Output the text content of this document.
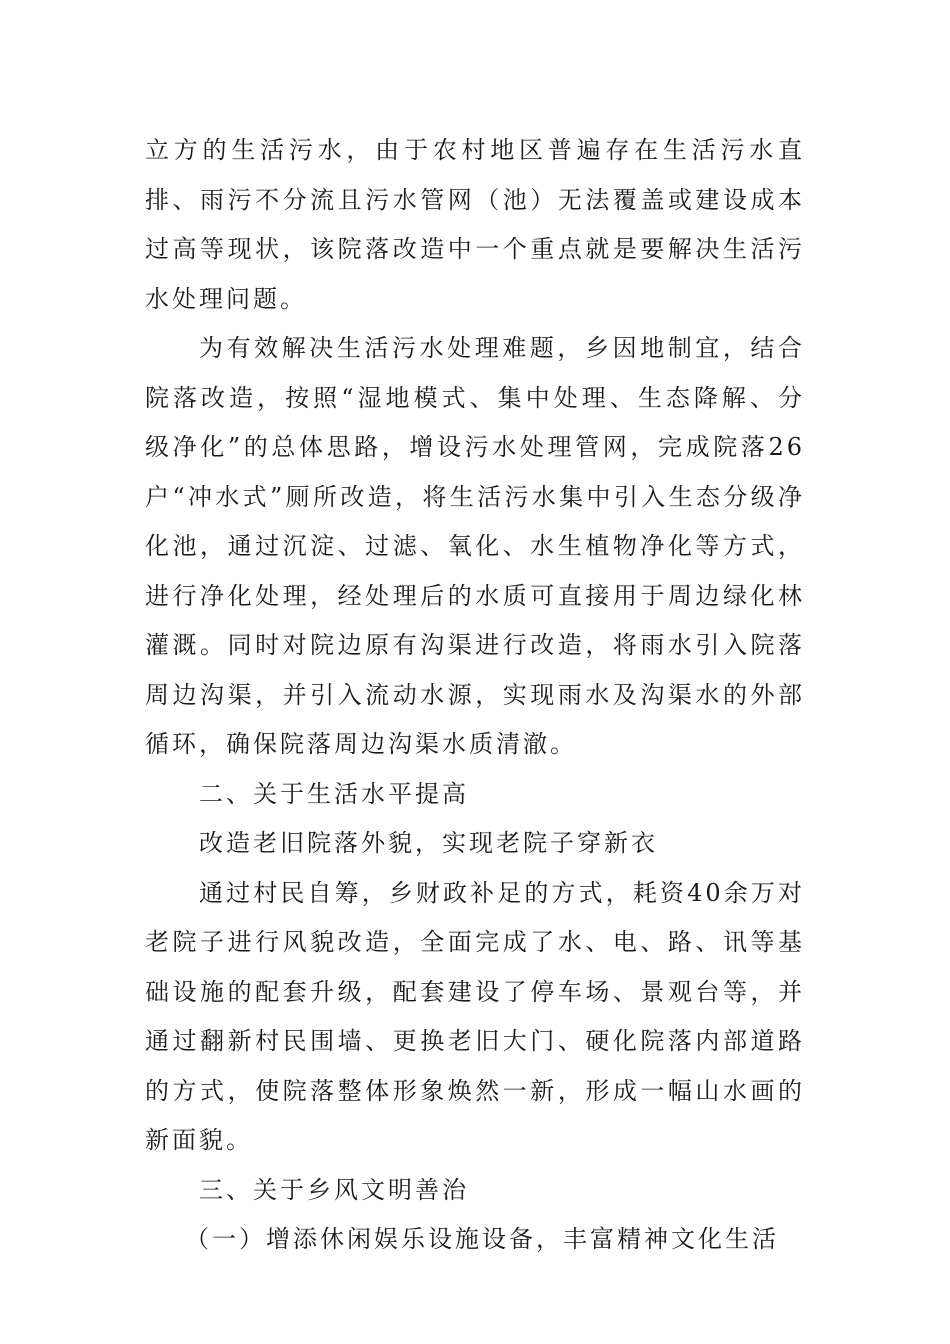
立方的生活污水，由于农村地区普遍存在生活污水直排、雨污不分流且污水管网（池）无法覆盖或建设成本过高等现状，该院落改造中一个重点就是要解决生活污水处理问题。

为有效解决生活污水处理难题，乡因地制宜，结合院落改造，按照“湿地模式、集中处理、生态降解、分级净化”的总体思路，增设污水处理管网，完成院落26户“冲水式”厕所改造，将生活污水集中引入生态分级净化池，通过沉淀、过滤、氧化、水生植物净化等方式，进行净化处理，经处理后的水质可直接用于周边绿化林灌溉。同时对院边原有沟渠进行改造，将雨水引入院落周边沟渠，并引入流动水源，实现雨水及沟渠水的外部循环，确保院落周边沟渠水质清澈。

二、关于生活水平提高

改造老旧院落外貌，实现老院子穿新衣

通过村民自筹，乡财政补足的方式，耗资40余万对老院子进行风貌改造，全面完成了水、电、路、讯等基础设施的配套升级，配套建设了停车场、景观台等，并通过翻新村民围墙、更换老旧大门、硬化院落内部道路的方式，使院落整体形象焕然一新，形成一幅山水画的新面貌。

三、关于乡风文明善治

（一）增添休闲娱乐设施设备，丰富精神文化生活
